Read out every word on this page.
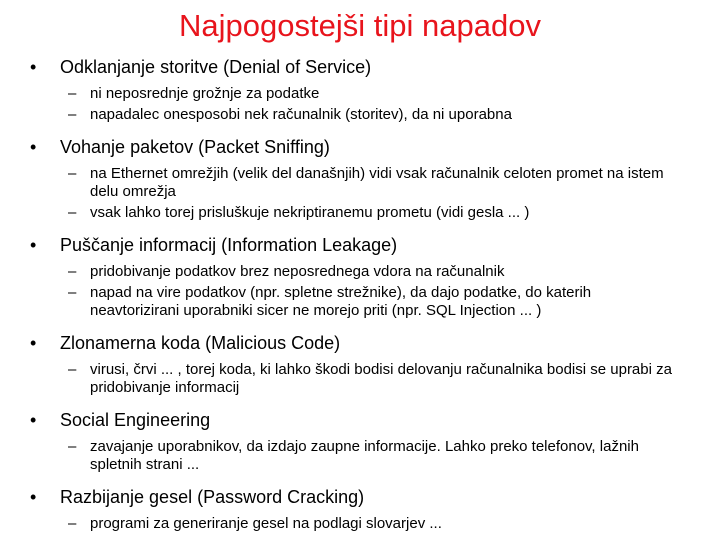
Najpogostejši tipi napadov
•	Odklanjanje storitve (Denial of Service)
– ni neposrednje grožnje za podatke
– napadalec onesposobi nek računalnik (storitev), da ni uporabna
•	Vohanje paketov (Packet Sniffing)
– na Ethernet omrežjih (velik del današnjih) vidi vsak računalnik celoten promet na istem delu omrežja
– vsak lahko torej prisluškuje nekriptiranemu prometu (vidi gesla ... )
•	Puščanje informacij (Information Leakage)
– pridobivanje podatkov brez neposrednega vdora na računalnik
– napad na vire podatkov (npr. spletne strežnike), da dajo podatke, do katerih neavtorizirani uporabniki sicer ne morejo priti (npr. SQL Injection ... )
•	Zlonamerna koda (Malicious Code)
– virusi, črvi ... , torej koda, ki lahko škodi bodisi delovanju računalnika bodisi se uprabi za pridobivanje informacij
•	Social Engineering
– zavajanje uporabnikov, da izdajo zaupne informacije. Lahko preko telefonov, lažnih spletnih strani ...
•	Razbijanje gesel (Password Cracking)
– programi za generiranje gesel na podlagi slovarjev ...
